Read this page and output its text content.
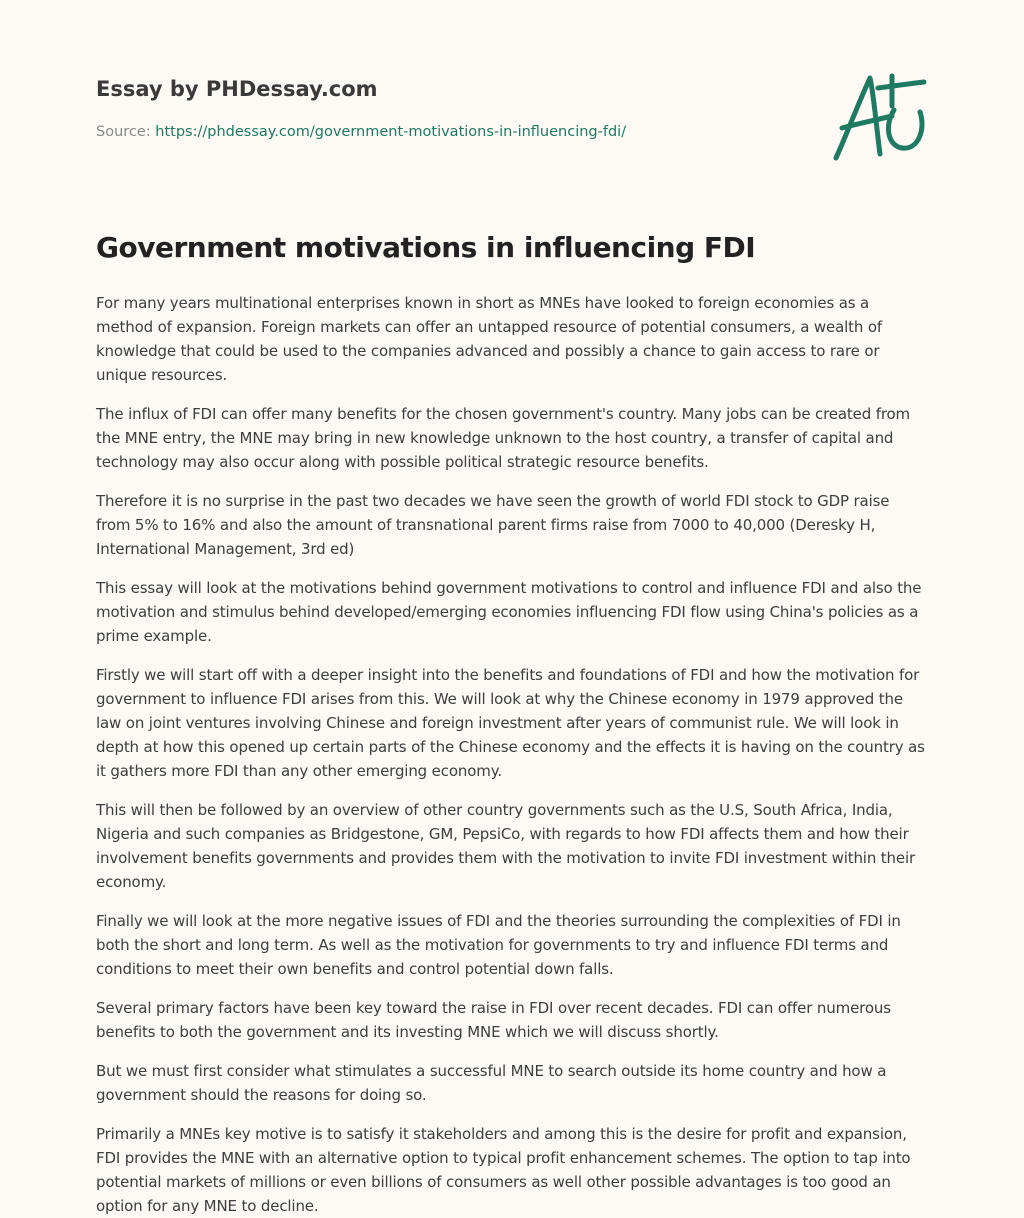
Essay by PHDessay.com
Source: https://phdessay.com/government-motivations-in-influencing-fdi/
Government motivations in influencing FDI

For many years multinational enterprises known in short as MNEs have looked to foreign economies as a method of expansion. Foreign markets can offer an untapped resource of potential consumers, a wealth of knowledge that could be used to the companies advanced and possibly a chance to gain access to rare or unique resources.

The influx of FDI can offer many benefits for the chosen government's country. Many jobs can be created from the MNE entry, the MNE may bring in new knowledge unknown to the host country, a transfer of capital and technology may also occur along with possible political strategic resource benefits.

Therefore it is no surprise in the past two decades we have seen the growth of world FDI stock to GDP raise from 5% to 16% and also the amount of transnational parent firms raise from 7000 to 40,000 (Deresky H, International Management, 3rd ed)

This essay will look at the motivations behind government motivations to control and influence FDI and also the motivation and stimulus behind developed/emerging economies influencing FDI flow using China's policies as a prime example.

Firstly we will start off with a deeper insight into the benefits and foundations of FDI and how the motivation for government to influence FDI arises from this. We will look at why the Chinese economy in 1979 approved the law on joint ventures involving Chinese and foreign investment after years of communist rule. We will look in depth at how this opened up certain parts of the Chinese economy and the effects it is having on the country as it gathers more FDI than any other emerging economy.

This will then be followed by an overview of other country governments such as the U.S, South Africa, India, Nigeria and such companies as Bridgestone, GM, PepsiCo, with regards to how FDI affects them and how their involvement benefits governments and provides them with the motivation to invite FDI investment within their economy.

Finally we will look at the more negative issues of FDI and the theories surrounding the complexities of FDI in both the short and long term. As well as the motivation for governments to try and influence FDI terms and conditions to meet their own benefits and control potential down falls.

Several primary factors have been key toward the raise in FDI over recent decades. FDI can offer numerous benefits to both the government and its investing MNE which we will discuss shortly.

But we must first consider what stimulates a successful MNE to search outside its home country and how a government should the reasons for doing so.

Primarily a MNEs key motive is to satisfy it stakeholders and among this is the desire for profit and expansion, FDI provides the MNE with an alternative option to typical profit enhancement schemes. The option to tap into potential markets of millions or even billions of consumers as well other possible advantages is too good an option for any MNE to decline.
